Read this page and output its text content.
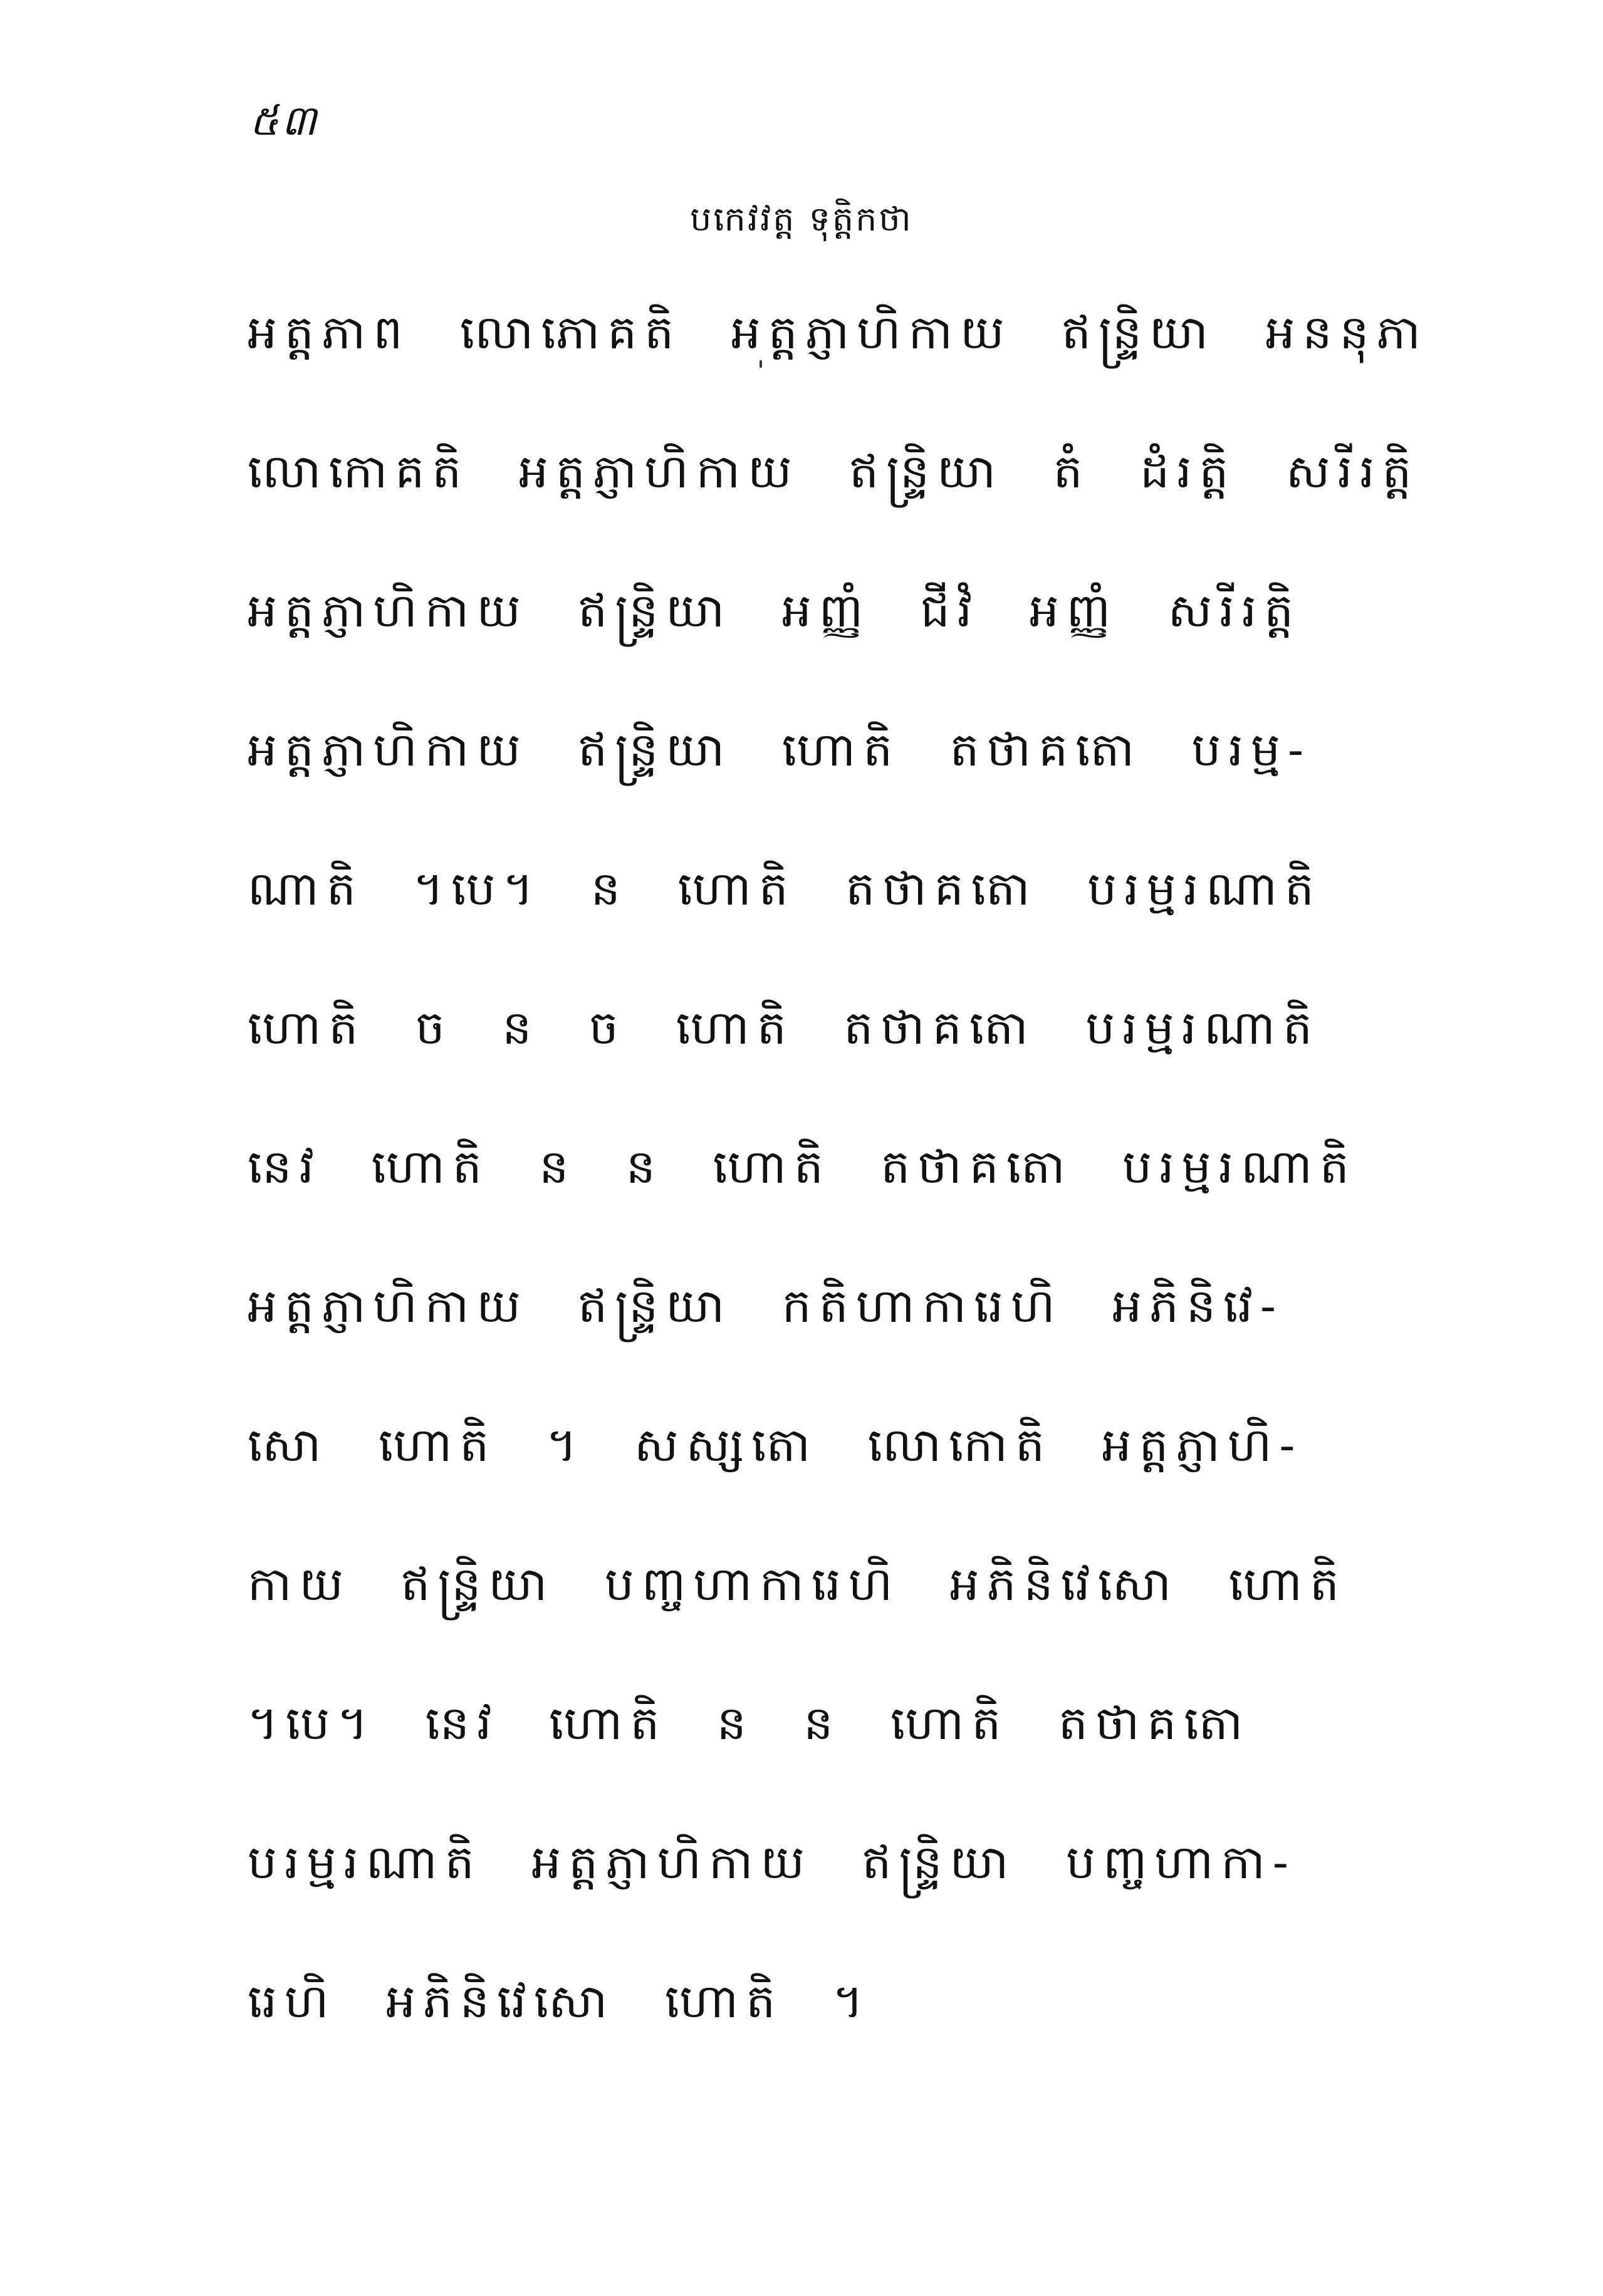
៥៣
បកេវវត្ត ទុត្តិកថា
អត្តភាព លោភោគតិ អត្តភ្ញាហិកាយ ឥន្ទ្រិយា អននុភា
លោកោគតិ អត្តភ្ញាហិកាយ ឥន្ទ្រិយា តំ ដំរត្តិ សរីរត្តិ
អត្តភ្ញាហិកាយ ឥន្ទ្រិយា អញ្ញំ ជីវំ អញ្ញំ សរីរត្តិ
អត្តភ្ញាហិកាយ ឥន្ទ្រិយា ហោតិ តថាគតោ បរម្ម-
ណាតិ ។បេ។ ន ហោតិ តថាគតោ បរម្មរណាតិ
ហោតិ ច ន ច ហោតិ តថាគតោ បរម្មរណាតិ
នេវ ហោតិ ន ន ហោតិ តថាគតោ បរម្មរណាតិ
អត្តភ្ញាហិកាយ ឥន្ទ្រិយា កតិហាការេហិ អភិនិវេ-
សោ ហោតិ ។ សស្សតោ លោកោតិ អត្តភ្ញាហិ-
កាយ ឥន្ទ្រិយា បញ្ចហាការេហិ អភិនិវេសោ ហោតិ
។បេ។ នេវ ហោតិ ន ន ហោតិ តថាគតោ
បរម្មរណាតិ អត្តភ្ញាហិកាយ ឥន្ទ្រិយា បញ្ចហាកា-
រេហិ អភិនិវេសោ ហោតិ ។
